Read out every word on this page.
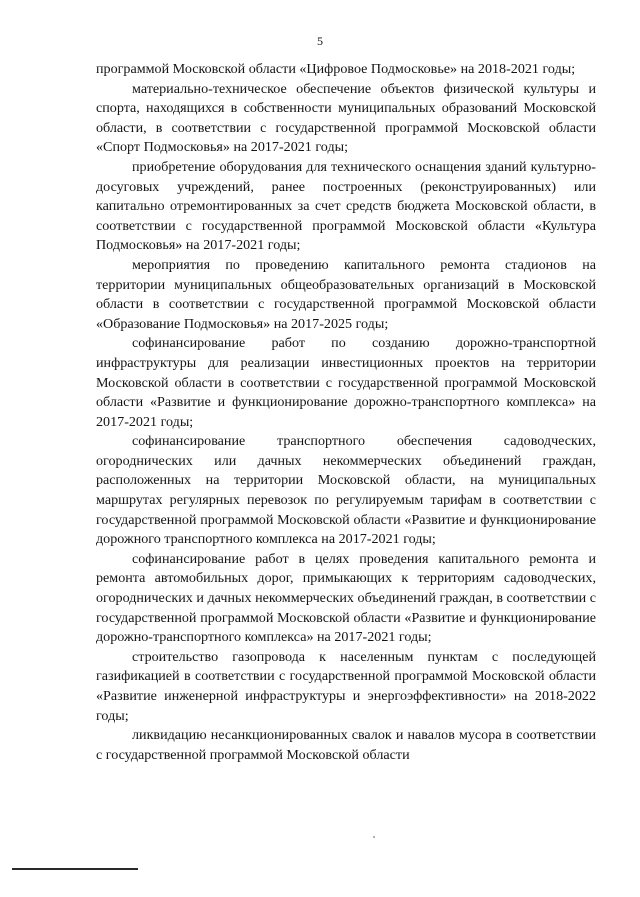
5

программой Московской области «Цифровое Подмосковье» на 2018-2021 годы;

материально-техническое обеспечение объектов физической культуры и спорта, находящихся в собственности муниципальных образований Московской области, в соответствии с государственной программой Московской области «Спорт Подмосковья» на 2017-2021 годы;

приобретение оборудования для технического оснащения зданий культурно-досуговых учреждений, ранее построенных (реконструированных) или капитально отремонтированных за счет средств бюджета Московской области, в соответствии с государственной программой Московской области «Культура Подмосковья» на 2017-2021 годы;

мероприятия по проведению капитального ремонта стадионов на территории муниципальных общеобразовательных организаций в Московской области в соответствии с государственной программой Московской области «Образование Подмосковья» на 2017-2025 годы;

софинансирование работ по созданию дорожно-транспортной инфраструктуры для реализации инвестиционных проектов на территории Московской области в соответствии с государственной программой Московской области «Развитие и функционирование дорожно-транспортного комплекса» на 2017-2021 годы;

софинансирование транспортного обеспечения садоводческих, огороднических или дачных некоммерческих объединений граждан, расположенных на территории Московской области, на муниципальных маршрутах регулярных перевозок по регулируемым тарифам в соответствии с государственной программой Московской области «Развитие и функционирование дорожного транспортного комплекса на 2017-2021 годы;

софинансирование работ в целях проведения капитального ремонта и ремонта автомобильных дорог, примыкающих к территориям садоводческих, огороднических и дачных некоммерческих объединений граждан, в соответствии с государственной программой Московской области «Развитие и функционирование дорожно-транспортного комплекса» на 2017-2021 годы;

строительство газопровода к населенным пунктам с последующей газификацией в соответствии с государственной программой Московской области «Развитие инженерной инфраструктуры и энергоэффективности» на 2018-2022 годы;

ликвидацию несанкционированных свалок и навалов мусора в соответствии с государственной программой Московской области
